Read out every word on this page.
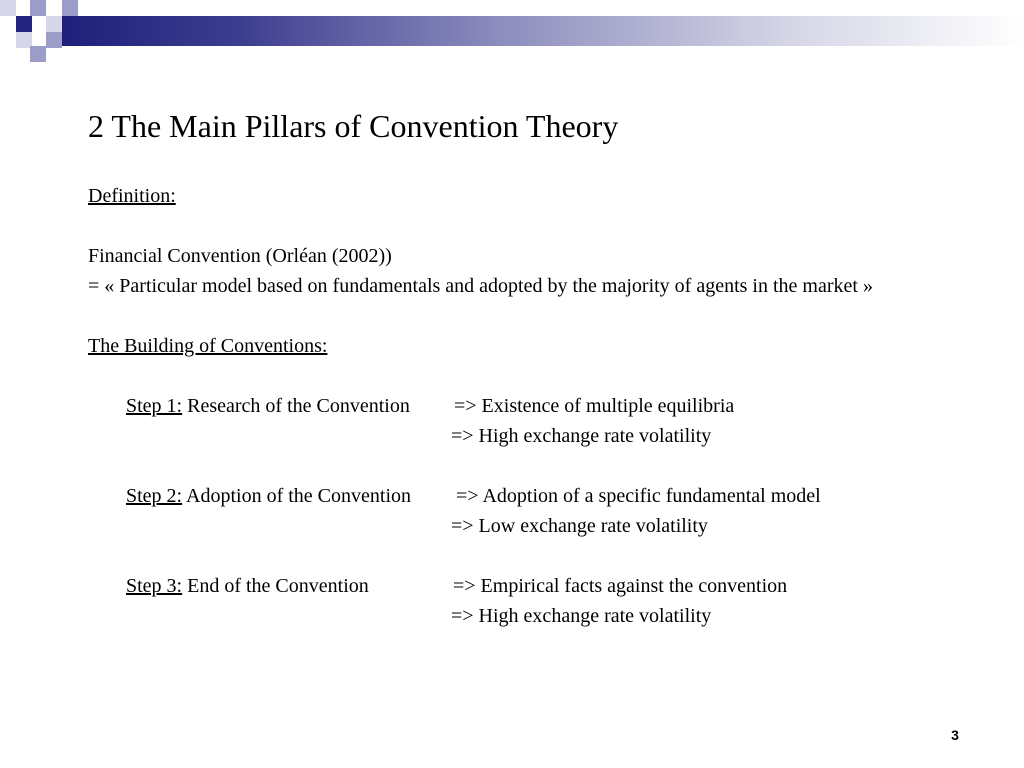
2 The Main Pillars of Convention Theory
Definition:
Financial Convention (Orléan (2002))
= « Particular model based on fundamentals and adopted by the majority of agents in the market »
The Building of Conventions:
Step 1: Research of the Convention => Existence of multiple equilibria
=> High exchange rate volatility
Step 2: Adoption of the Convention => Adoption of a specific fundamental model
=> Low exchange rate volatility
Step 3: End of the Convention	=> Empirical facts against the convention
=> High exchange rate volatility
3
